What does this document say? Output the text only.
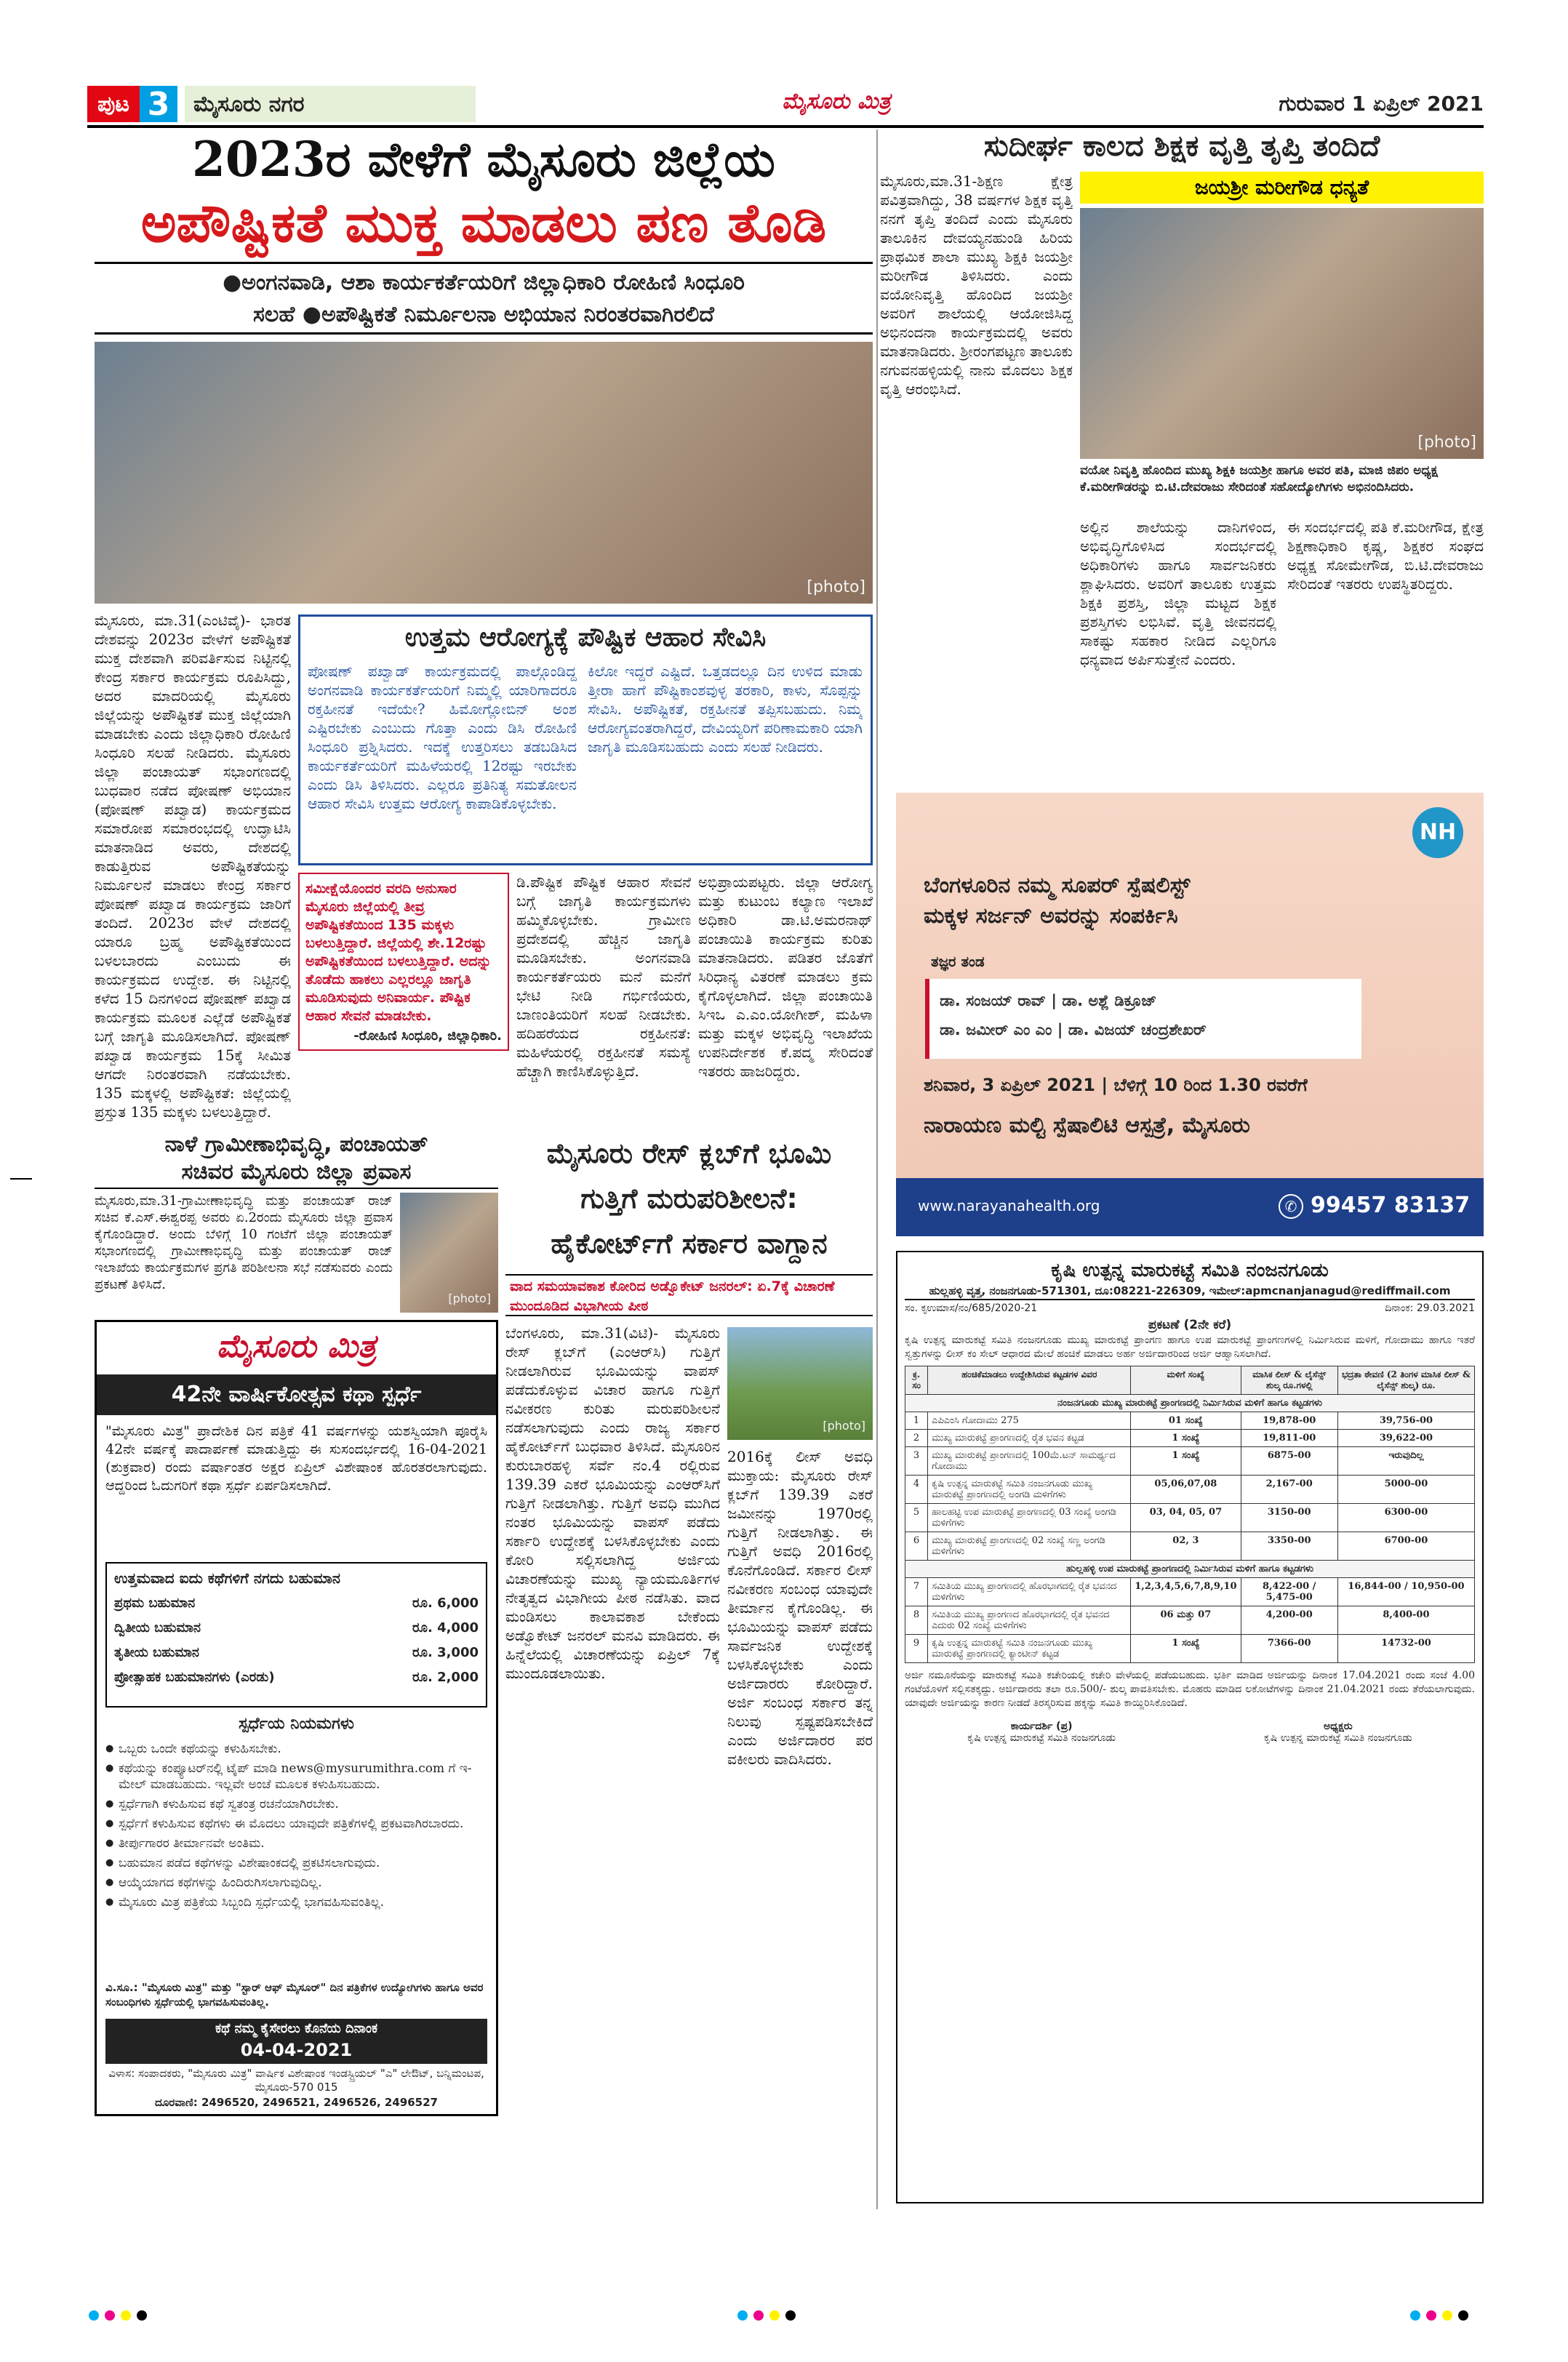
ಪುಟ 3	ಮೈಸೂರು ನಗರ	ಮೈಸೂರು ಮಿತ್ರ	ಗುರುವಾರ 1 ಏಪ್ರಿಲ್ 2021
2023ರ ವೇಳೆಗೆ ಮೈಸೂರು ಜಿಲ್ಲೆಯ
ಅಪೌಷ್ಟಿಕತೆ ಮುಕ್ತ ಮಾಡಲು ಪಣ ತೊಡಿ
●ಅಂಗನವಾಡಿ, ಆಶಾ ಕಾರ್ಯಕರ್ತೆಯರಿಗೆ ಜಿಲ್ಲಾಧಿಕಾರಿ ರೋಹಿಣಿ ಸಿಂಧೂರಿ
ಸಲಹೆ ●ಅಪೌಷ್ಟಿಕತೆ ನಿರ್ಮೂಲನಾ ಅಭಿಯಾನ ನಿರಂತರವಾಗಿರಲಿದೆ
[photo]
ಮೈಸೂರು, ಮಾ.31(ಎಂಟಿವೈ)- ಭಾರತ ದೇಶವನ್ನು 2023ರ ವೇಳೆಗೆ ಅಪೌಷ್ಟಿಕತೆ ಮುಕ್ತ ದೇಶವಾಗಿ ಪರಿವರ್ತಿಸುವ ನಿಟ್ಟಿನಲ್ಲಿ ಕೇಂದ್ರ ಸರ್ಕಾರ ಕಾರ್ಯಕ್ರಮ ರೂಪಿಸಿದ್ದು, ಅದರ ಮಾದರಿಯಲ್ಲಿ ಮೈಸೂರು ಜಿಲ್ಲೆಯನ್ನು ಅಪೌಷ್ಟಿಕತೆ ಮುಕ್ತ ಜಿಲ್ಲೆಯಾಗಿ ಮಾಡಬೇಕು ಎಂದು ಜಿಲ್ಲಾಧಿಕಾರಿ ರೋಹಿಣಿ ಸಿಂಧೂರಿ ಸಲಹೆ ನೀಡಿದರು. ಮೈಸೂರು ಜಿಲ್ಲಾ ಪಂಚಾಯತ್ ಸಭಾಂಗಣದಲ್ಲಿ ಬುಧವಾರ ನಡೆದ ಪೋಷಣ್ ಅಭಿಯಾನ (ಪೋಷಣ್ ಪಖ್ವಾಡ) ಕಾರ್ಯಕ್ರಮದ ಸಮಾರೋಪ ಸಮಾರಂಭದಲ್ಲಿ ಉದ್ಘಾಟಿಸಿ ಮಾತನಾಡಿದ ಅವರು, ದೇಶದಲ್ಲಿ ಕಾಡುತ್ತಿರುವ ಅಪೌಷ್ಟಿಕತೆಯನ್ನು ನಿರ್ಮೂಲನೆ ಮಾಡಲು ಕೇಂದ್ರ ಸರ್ಕಾರ ಪೋಷಣ್ ಪಖ್ವಾಡ ಕಾರ್ಯಕ್ರಮ ಜಾರಿಗೆ ತಂದಿದೆ. 2023ರ ವೇಳೆ ದೇಶದಲ್ಲಿ ಯಾರೂ ಬ್ರಹ್ಮ ಅಪೌಷ್ಟಿಕತೆಯಿಂದ ಬಳಲಬಾರದು ಎಂಬುದು ಈ ಕಾರ್ಯಕ್ರಮದ ಉದ್ದೇಶ. ಈ ನಿಟ್ಟಿನಲ್ಲಿ ಕಳೆದ 15 ದಿನಗಳಿಂದ ಪೋಷಣ್ ಪಖ್ವಾಡ ಕಾರ್ಯಕ್ರಮ ಮೂಲಕ ಎಲ್ಲೆಡೆ ಅಪೌಷ್ಟಿಕತೆ ಬಗ್ಗೆ ಜಾಗೃತಿ ಮೂಡಿಸಲಾಗಿದೆ. ಪೋಷಣ್ ಪಖ್ವಾಡ ಕಾರ್ಯಕ್ರಮ 15ಕ್ಕೆ ಸೀಮಿತ ಆಗದೇ ನಿರಂತರವಾಗಿ ನಡೆಯಬೇಕು. 135 ಮಕ್ಕಳಲ್ಲಿ ಅಪೌಷ್ಟಿಕತೆ: ಜಿಲ್ಲೆಯಲ್ಲಿ ಪ್ರಸ್ತುತ 135 ಮಕ್ಕಳು ಬಳಲುತ್ತಿದ್ದಾರೆ.
ಉತ್ತಮ ಆರೋಗ್ಯಕ್ಕೆ ಪೌಷ್ಟಿಕ ಆಹಾರ ಸೇವಿಸಿ
ಪೋಷಣ್ ಪಖ್ವಾಡ್ ಕಾರ್ಯಕ್ರಮದಲ್ಲಿ ಪಾಲ್ಗೊಂಡಿದ್ದ ಅಂಗನವಾಡಿ ಕಾರ್ಯಕರ್ತೆಯರಿಗೆ ನಿಮ್ಮಲ್ಲಿ ಯಾರಿಗಾದರೂ ರಕ್ತಹೀನತೆ ಇದೆಯೇ? ಹಿಮೋಗ್ಲೋಬಿನ್ ಅಂಶ ಎಷ್ಟಿರಬೇಕು ಎಂಬುದು ಗೊತ್ತಾ ಎಂದು ಡಿಸಿ ರೋಹಿಣಿ ಸಿಂಧೂರಿ ಪ್ರಶ್ನಿಸಿದರು. ಇದಕ್ಕೆ ಉತ್ತರಿಸಲು ತಡಬಡಿಸಿದ ಕಾರ್ಯಕರ್ತೆಯರಿಗೆ ಮಹಿಳೆಯರಲ್ಲಿ 12ರಷ್ಟು ಇರಬೇಕು ಎಂದು ಡಿಸಿ ತಿಳಿಸಿದರು. ಎಲ್ಲರೂ ಪ್ರತಿನಿತ್ಯ ಸಮತೋಲನ ಆಹಾರ ಸೇವಿಸಿ ಉತ್ತಮ ಆರೋಗ್ಯ ಕಾಪಾಡಿಕೊಳ್ಳಬೇಕು.
ಕಿಲೋ ಇದ್ದರೆ ಎಷ್ಟಿದೆ. ಒತ್ತಡದಲ್ಲೂ ದಿನ ಉಳಿದ ಮಾಡು ತ್ತೀರಾ ಹಾಗೆ ಪೌಷ್ಟಿಕಾಂಶವುಳ್ಳ ತರಕಾರಿ, ಕಾಳು, ಸೊಪ್ಪನ್ನು ಸೇವಿಸಿ. ಅಪೌಷ್ಟಿಕತೆ, ರಕ್ತಹೀನತೆ ತಪ್ಪಿಸಬಹುದು. ನಿಮ್ಮ ಆರೋಗ್ಯವಂತರಾಗಿದ್ದರೆ, ದೇವಿಯ್ಯರಿಗೆ ಪರಿಣಾಮಕಾರಿ ಯಾಗಿ ಜಾಗೃತಿ ಮೂಡಿಸಬಹುದು ಎಂದು ಸಲಹೆ ನೀಡಿದರು.
ಸಮೀಕ್ಷೆಯೊಂದರ ವರದಿ ಅನುಸಾರ ಮೈಸೂರು ಜಿಲ್ಲೆಯಲ್ಲಿ ತೀವ್ರ ಅಪೌಷ್ಟಿಕತೆಯಿಂದ 135 ಮಕ್ಕಳು ಬಳಲುತ್ತಿದ್ದಾರೆ. ಜಿಲ್ಲೆಯಲ್ಲಿ ಶೇ.12ರಷ್ಟು ಅಪೌಷ್ಟಿಕತೆಯಿಂದ ಬಳಲುತ್ತಿದ್ದಾರೆ. ಅದನ್ನು ತೊಡೆದು ಹಾಕಲು ಎಲ್ಲರಲ್ಲೂ ಜಾಗೃತಿ ಮೂಡಿಸುವುದು ಅನಿವಾರ್ಯ. ಪೌಷ್ಟಿಕ ಆಹಾರ ಸೇವನೆ ಮಾಡಬೇಕು.
-ರೋಹಿಣಿ ಸಿಂಧೂರಿ, ಜಿಲ್ಲಾಧಿಕಾರಿ.
ಡಿ.ಪೌಷ್ಟಿಕ ಪೌಷ್ಟಿಕ ಆಹಾರ ಸೇವನೆ ಬಗ್ಗೆ ಜಾಗೃತಿ ಕಾರ್ಯಕ್ರಮಗಳು ಹಮ್ಮಿಕೊಳ್ಳಬೇಕು. ಗ್ರಾಮೀಣ ಪ್ರದೇಶದಲ್ಲಿ ಹೆಚ್ಚಿನ ಜಾಗೃತಿ ಮೂಡಿಸಬೇಕು. ಅಂಗನವಾಡಿ ಕಾರ್ಯಕರ್ತೆಯರು ಮನೆ ಮನೆಗೆ ಭೇಟಿ ನೀಡಿ ಗರ್ಭಿಣಿಯರು, ಬಾಣಂತಿಯರಿಗೆ ಸಲಹೆ ನೀಡಬೇಕು. ಹದಿಹರೆಯದ ರಕ್ತಹೀನತೆ: ಮಹಿಳೆಯರಲ್ಲಿ ರಕ್ತಹೀನತೆ ಸಮಸ್ಯೆ ಹೆಚ್ಚಾಗಿ ಕಾಣಿಸಿಕೊಳ್ಳುತ್ತಿದೆ.
ಅಭಿಪ್ರಾಯಪಟ್ಟರು. ಜಿಲ್ಲಾ ಆರೋಗ್ಯ ಮತ್ತು ಕುಟುಂಬ ಕಲ್ಯಾಣ ಇಲಾಖೆ ಅಧಿಕಾರಿ ಡಾ.ಟಿ.ಅಮರನಾಥ್ ಪಂಚಾಯಿತಿ ಕಾರ್ಯಕ್ರಮ ಕುರಿತು ಮಾತನಾಡಿದರು. ಪಡಿತರ ಜೊತೆಗೆ ಸಿರಿಧಾನ್ಯ ವಿತರಣೆ ಮಾಡಲು ಕ್ರಮ ಕೈಗೊಳ್ಳಲಾಗಿದೆ. ಜಿಲ್ಲಾ ಪಂಚಾಯಿತಿ ಸಿಇಒ ಎ.ಎಂ.ಯೋಗೀಶ್, ಮಹಿಳಾ ಮತ್ತು ಮಕ್ಕಳ ಅಭಿವೃದ್ಧಿ ಇಲಾಖೆಯ ಉಪನಿರ್ದೇಶಕ ಕೆ.ಪದ್ಮ ಸೇರಿದಂತೆ ಇತರರು ಹಾಜರಿದ್ದರು.
ನಾಳೆ ಗ್ರಾಮೀಣಾಭಿವೃದ್ಧಿ, ಪಂಚಾಯತ್
ಸಚಿವರ ಮೈಸೂರು ಜಿಲ್ಲಾ ಪ್ರವಾಸ
ಮೈಸೂರು,ಮಾ.31-ಗ್ರಾಮೀಣಾಭಿವೃದ್ಧಿ ಮತ್ತು ಪಂಚಾಯತ್ ರಾಜ್ ಸಚಿವ ಕೆ.ಎಸ್.ಈಶ್ವರಪ್ಪ ಅವರು ಏ.2ರಂದು ಮೈಸೂರು ಜಿಲ್ಲಾ ಪ್ರವಾಸ ಕೈಗೊಂಡಿದ್ದಾರೆ. ಅಂದು ಬೆಳಿಗ್ಗೆ 10 ಗಂಟೆಗೆ ಜಿಲ್ಲಾ ಪಂಚಾಯತ್ ಸಭಾಂಗಣದಲ್ಲಿ ಗ್ರಾಮೀಣಾಭಿವೃದ್ಧಿ ಮತ್ತು ಪಂಚಾಯತ್ ರಾಜ್ ಇಲಾಖೆಯ ಕಾರ್ಯಕ್ರಮಗಳ ಪ್ರಗತಿ ಪರಿಶೀಲನಾ ಸಭೆ ನಡೆಸುವರು ಎಂದು ಪ್ರಕಟಣೆ ತಿಳಿಸಿದೆ.
[photo]
ಮೈಸೂರು ಮಿತ್ರ
42ನೇ ವಾರ್ಷಿಕೋತ್ಸವ ಕಥಾ ಸ್ಪರ್ಧೆ
"ಮೈಸೂರು ಮಿತ್ರ" ಪ್ರಾದೇಶಿಕ ದಿನ ಪತ್ರಿಕೆ 41 ವರ್ಷಗಳನ್ನು ಯಶಸ್ವಿಯಾಗಿ ಪೂರೈಸಿ 42ನೇ ವರ್ಷಕ್ಕೆ ಪಾದಾರ್ಪಣೆ ಮಾಡುತ್ತಿದ್ದು ಈ ಸುಸಂದರ್ಭದಲ್ಲಿ 16-04-2021 (ಶುಕ್ರವಾರ) ರಂದು ವರ್ಷಾಂತರ ಅಕ್ಷರ ಏಪ್ರಿಲ್ ವಿಶೇಷಾಂಕ ಹೊರತರಲಾಗುವುದು. ಆದ್ದರಿಂದ ಓದುಗರಿಗೆ ಕಥಾ ಸ್ಪರ್ಧೆ ಏರ್ಪಡಿಸಲಾಗಿದೆ.
ಉತ್ತಮವಾದ ಐದು ಕಥೆಗಳಿಗೆ ನಗದು ಬಹುಮಾನ
ಪ್ರಥಮ ಬಹುಮಾನ	ರೂ. 6,000
ದ್ವಿತೀಯ ಬಹುಮಾನ	ರೂ. 4,000
ತೃತೀಯ ಬಹುಮಾನ	ರೂ. 3,000
ಪ್ರೋತ್ಸಾಹಕ ಬಹುಮಾನಗಳು (ಎರಡು)	ರೂ. 2,000
ಸ್ಪರ್ಧೆಯ ನಿಯಮಗಳು
● ಒಬ್ಬರು ಒಂದೇ ಕಥೆಯನ್ನು ಕಳುಹಿಸಬೇಕು.
● ಕಥೆಯನ್ನು ಕಂಪ್ಯೂಟರ್‌ನಲ್ಲಿ ಟೈಪ್ ಮಾಡಿ news@mysurumithra.com ಗೆ ಇ-ಮೇಲ್ ಮಾಡಬಹುದು. ಇಲ್ಲವೇ ಅಂಚೆ ಮೂಲಕ ಕಳುಹಿಸಬಹುದು.
● ಸ್ಪರ್ಧೆಗಾಗಿ ಕಳುಹಿಸುವ ಕಥೆ ಸ್ವತಂತ್ರ ರಚನೆಯಾಗಿರಬೇಕು.
● ಸ್ಪರ್ಧೆಗೆ ಕಳುಹಿಸುವ ಕಥೆಗಳು ಈ ಮೊದಲು ಯಾವುದೇ ಪತ್ರಿಕೆಗಳಲ್ಲಿ ಪ್ರಕಟವಾಗಿರಬಾರದು.
● ತೀರ್ಪುಗಾರರ ತೀರ್ಮಾನವೇ ಅಂತಿಮ.
● ಬಹುಮಾನ ಪಡೆದ ಕಥೆಗಳನ್ನು ವಿಶೇಷಾಂಕದಲ್ಲಿ ಪ್ರಕಟಿಸಲಾಗುವುದು.
● ಆಯ್ಕೆಯಾಗದ ಕಥೆಗಳನ್ನು ಹಿಂದಿರುಗಿಸಲಾಗುವುದಿಲ್ಲ.
● ಮೈಸೂರು ಮಿತ್ರ ಪತ್ರಿಕೆಯ ಸಿಬ್ಬಂದಿ ಸ್ಪರ್ಧೆಯಲ್ಲಿ ಭಾಗವಹಿಸುವಂತಿಲ್ಲ.
ವಿ.ಸೂ.: "ಮೈಸೂರು ಮಿತ್ರ" ಮತ್ತು "ಸ್ಟಾರ್ ಆಫ್ ಮೈಸೂರ್" ದಿನ ಪತ್ರಿಕೆಗಳ ಉದ್ಯೋಗಿಗಳು ಹಾಗೂ ಅವರ ಸಂಬಂಧಿಗಳು ಸ್ಪರ್ಧೆಯಲ್ಲಿ ಭಾಗವಹಿಸುವಂತಿಲ್ಲ.
ಕಥೆ ನಮ್ಮ ಕೈಸೇರಲು ಕೊನೆಯ ದಿನಾಂಕ
04-04-2021
ವಿಳಾಸ: ಸಂಪಾದಕರು, "ಮೈಸೂರು ಮಿತ್ರ" ವಾರ್ಷಿಕ ವಿಶೇಷಾಂಕ ಇಂಡಸ್ಟ್ರಿಯಲ್ "ಎ" ಲೇಔಟ್, ಬನ್ನಿಮಂಟಪ, ಮೈಸೂರು-570 015
ದೂರವಾಣಿ: 2496520, 2496521, 2496526, 2496527
ಮೈಸೂರು ರೇಸ್ ಕ್ಲಬ್‌ಗೆ ಭೂಮಿ
ಗುತ್ತಿಗೆ ಮರುಪರಿಶೀಲನೆ:
ಹೈಕೋರ್ಟ್‌ಗೆ ಸರ್ಕಾರ ವಾಗ್ದಾನ
ವಾದ ಸಮಯಾವಕಾಶ ಕೋರಿದ ಅಡ್ವೊಕೇಟ್ ಜನರಲ್: ಏ.7ಕ್ಕೆ ವಿಚಾರಣೆ ಮುಂದೂಡಿದ ವಿಭಾಗೀಯ ಪೀಠ
[photo]
ಬೆಂಗಳೂರು, ಮಾ.31(ವಿಟಿ)- ಮೈಸೂರು ರೇಸ್ ಕ್ಲಬ್‌ಗೆ (ಎಂಆರ್‌ಸಿ) ಗುತ್ತಿಗೆ ನೀಡಲಾಗಿರುವ ಭೂಮಿಯನ್ನು ವಾಪಸ್ ಪಡೆದುಕೊಳ್ಳುವ ವಿಚಾರ ಹಾಗೂ ಗುತ್ತಿಗೆ ನವೀಕರಣ ಕುರಿತು ಮರುಪರಿಶೀಲನೆ ನಡೆಸಲಾಗುವುದು ಎಂದು ರಾಜ್ಯ ಸರ್ಕಾರ ಹೈಕೋರ್ಟ್‌ಗೆ ಬುಧವಾರ ತಿಳಿಸಿದೆ. ಮೈಸೂರಿನ ಕುರುಬಾರಹಳ್ಳಿ ಸರ್ವೆ ನಂ.4 ರಲ್ಲಿರುವ 139.39 ಎಕರೆ ಭೂಮಿಯನ್ನು ಎಂಆರ್‌ಸಿಗೆ ಗುತ್ತಿಗೆ ನೀಡಲಾಗಿತ್ತು. ಗುತ್ತಿಗೆ ಅವಧಿ ಮುಗಿದ ನಂತರ ಭೂಮಿಯನ್ನು ವಾಪಸ್ ಪಡೆದು ಸರ್ಕಾರಿ ಉದ್ದೇಶಕ್ಕೆ ಬಳಸಿಕೊಳ್ಳಬೇಕು ಎಂದು ಕೋರಿ ಸಲ್ಲಿಸಲಾಗಿದ್ದ ಅರ್ಜಿಯ ವಿಚಾರಣೆಯನ್ನು ಮುಖ್ಯ ನ್ಯಾಯಮೂರ್ತಿಗಳ ನೇತೃತ್ವದ ವಿಭಾಗೀಯ ಪೀಠ ನಡೆಸಿತು. ವಾದ ಮಂಡಿಸಲು ಕಾಲಾವಕಾಶ ಬೇಕೆಂದು ಅಡ್ವೊಕೇಟ್ ಜನರಲ್ ಮನವಿ ಮಾಡಿದರು. ಈ ಹಿನ್ನೆಲೆಯಲ್ಲಿ ವಿಚಾರಣೆಯನ್ನು ಏಪ್ರಿಲ್ 7ಕ್ಕೆ ಮುಂದೂಡಲಾಯಿತು.
2016ಕ್ಕೆ ಲೀಸ್ ಅವಧಿ ಮುಕ್ತಾಯ: ಮೈಸೂರು ರೇಸ್ ಕ್ಲಬ್‌ಗೆ 139.39 ಎಕರೆ ಜಮೀನನ್ನು 1970ರಲ್ಲಿ ಗುತ್ತಿಗೆ ನೀಡಲಾಗಿತ್ತು. ಈ ಗುತ್ತಿಗೆ ಅವಧಿ 2016ರಲ್ಲಿ ಕೊನೆಗೊಂಡಿದೆ. ಸರ್ಕಾರ ಲೀಸ್ ನವೀಕರಣ ಸಂಬಂಧ ಯಾವುದೇ ತೀರ್ಮಾನ ಕೈಗೊಂಡಿಲ್ಲ. ಈ ಭೂಮಿಯನ್ನು ವಾಪಸ್ ಪಡೆದು ಸಾರ್ವಜನಿಕ ಉದ್ದೇಶಕ್ಕೆ ಬಳಸಿಕೊಳ್ಳಬೇಕು ಎಂದು ಅರ್ಜಿದಾರರು ಕೋರಿದ್ದಾರೆ. ಅರ್ಜಿ ಸಂಬಂಧ ಸರ್ಕಾರ ತನ್ನ ನಿಲುವು ಸ್ಪಷ್ಟಪಡಿಸಬೇಕಿದೆ ಎಂದು ಅರ್ಜಿದಾರರ ಪರ ವಕೀಲರು ವಾದಿಸಿದರು.
ಸುದೀರ್ಘ ಕಾಲದ ಶಿಕ್ಷಕ ವೃತ್ತಿ ತೃಪ್ತಿ ತಂದಿದೆ
ಜಯಶ್ರೀ ಮರೀಗೌಡ ಧನ್ಯತೆ
ಮೈಸೂರು,ಮಾ.31-ಶಿಕ್ಷಣ ಕ್ಷೇತ್ರ ಪವಿತ್ರವಾಗಿದ್ದು, 38 ವರ್ಷಗಳ ಶಿಕ್ಷಕ ವೃತ್ತಿ ನನಗೆ ತೃಪ್ತಿ ತಂದಿದೆ ಎಂದು ಮೈಸೂರು ತಾಲೂಕಿನ ದೇವಯ್ಯನಹುಂಡಿ ಹಿರಿಯ ಪ್ರಾಥಮಿಕ ಶಾಲಾ ಮುಖ್ಯ ಶಿಕ್ಷಕಿ ಜಯಶ್ರೀ ಮರೀಗೌಡ ತಿಳಿಸಿದರು. ಎಂದು ವಯೋನಿವೃತ್ತಿ ಹೊಂದಿದ ಜಯಶ್ರೀ ಅವರಿಗೆ ಶಾಲೆಯಲ್ಲಿ ಆಯೋಜಿಸಿದ್ದ ಅಭಿನಂದನಾ ಕಾರ್ಯಕ್ರಮದಲ್ಲಿ ಅವರು ಮಾತನಾಡಿದರು. ಶ್ರೀರಂಗಪಟ್ಟಣ ತಾಲೂಕು ನಗುವನಹಳ್ಳಿಯಲ್ಲಿ ನಾನು ಮೊದಲು ಶಿಕ್ಷಕ ವೃತ್ತಿ ಆರಂಭಿಸಿದೆ.
[photo]
ವಯೋ ನಿವೃತ್ತಿ ಹೊಂದಿದ ಮುಖ್ಯ ಶಿಕ್ಷಕಿ ಜಯಶ್ರೀ ಹಾಗೂ ಅವರ ಪತಿ, ಮಾಜಿ ಜಿಪಂ ಅಧ್ಯಕ್ಷ ಕೆ.ಮರೀಗೌಡರನ್ನು ಬಿ.ಟಿ.ದೇವರಾಜು ಸೇರಿದಂತೆ ಸಹೋದ್ಯೋಗಿಗಳು ಅಭಿನಂದಿಸಿದರು.
ಅಲ್ಲಿನ ಶಾಲೆಯನ್ನು ದಾನಿಗಳಿಂದ, ಅಭಿವೃದ್ಧಿಗೊಳಿಸಿದ ಸಂದರ್ಭದಲ್ಲಿ ಅಧಿಕಾರಿಗಳು ಹಾಗೂ ಸಾರ್ವಜನಿಕರು ಶ್ಲಾಘಿಸಿದರು. ಅವರಿಗೆ ತಾಲೂಕು ಉತ್ತಮ ಶಿಕ್ಷಕಿ ಪ್ರಶಸ್ತಿ, ಜಿಲ್ಲಾ ಮಟ್ಟದ ಶಿಕ್ಷಕ ಪ್ರಶಸ್ತಿಗಳು ಲಭಿಸಿವೆ. ವೃತ್ತಿ ಜೀವನದಲ್ಲಿ ಸಾಕಷ್ಟು ಸಹಕಾರ ನೀಡಿದ ಎಲ್ಲರಿಗೂ ಧನ್ಯವಾದ ಅರ್ಪಿಸುತ್ತೇನೆ ಎಂದರು.
ಈ ಸಂದರ್ಭದಲ್ಲಿ ಪತಿ ಕೆ.ಮರೀಗೌಡ, ಕ್ಷೇತ್ರ ಶಿಕ್ಷಣಾಧಿಕಾರಿ ಕೃಷ್ಣ, ಶಿಕ್ಷಕರ ಸಂಘದ ಅಧ್ಯಕ್ಷ ಸೋಮೇಗೌಡ, ಬಿ.ಟಿ.ದೇವರಾಜು ಸೇರಿದಂತೆ ಇತರರು ಉಪಸ್ಥಿತರಿದ್ದರು.
NH
ಬೆಂಗಳೂರಿನ ನಮ್ಮ ಸೂಪರ್ ಸ್ಪೆಷಲಿಸ್ಟ್
ಮಕ್ಕಳ ಸರ್ಜನ್ ಅವರನ್ನು ಸಂಪರ್ಕಿಸಿ
ತಜ್ಞರ ತಂಡ
ಡಾ. ಸಂಜಯ್ ರಾವ್ | ಡಾ. ಅಶ್ಲೆ ಡಿಕ್ರೂಜ್
ಡಾ. ಜಮೀರ್ ಎಂ ಎಂ | ಡಾ. ವಿಜಯ್ ಚಂದ್ರಶೇಖರ್
ಶನಿವಾರ, 3 ಏಪ್ರಿಲ್ 2021 | ಬೆಳಿಗ್ಗೆ 10 ರಿಂದ 1.30 ರವರೆಗೆ
ನಾರಾಯಣ ಮಲ್ಟಿ ಸ್ಪೆಷಾಲಿಟಿ ಆಸ್ಪತ್ರೆ, ಮೈಸೂರು
www.narayanahealth.org	✆ 99457 83137
ಕೃಷಿ ಉತ್ಪನ್ನ ಮಾರುಕಟ್ಟೆ ಸಮಿತಿ ನಂಜನಗೂಡು
ಹುಲ್ಲಹಳ್ಳಿ ವೃತ್ತ, ನಂಜನಗೂಡು-571301, ದೂ:08221-226309, ಇಮೇಲ್:apmcnanjanagud@rediffmail.com
ಸಂ. ಕೃಉಮಾಸ/ನಂ/685/2020-21	ದಿನಾಂಕ: 29.03.2021
ಪ್ರಕಟಣೆ (2ನೇ ಕರೆ)
ಕೃಷಿ ಉತ್ಪನ್ನ ಮಾರುಕಟ್ಟೆ ಸಮಿತಿ ನಂಜನಗೂಡು ಮುಖ್ಯ ಮಾರುಕಟ್ಟೆ ಪ್ರಾಂಗಣ ಹಾಗೂ ಉಪ ಮಾರುಕಟ್ಟೆ ಪ್ರಾಂಗಣಗಳಲ್ಲಿ ನಿರ್ಮಿಸಿರುವ ಮಳಿಗೆ, ಗೋದಾಮು ಹಾಗೂ ಇತರೆ ಸ್ವತ್ತುಗಳನ್ನು ಲೀಸ್ ಕಂ ಸೇಲ್ ಆಧಾರದ ಮೇಲೆ ಹಂಚಿಕೆ ಮಾಡಲು ಅರ್ಹ ಅರ್ಜಿದಾರರಿಂದ ಅರ್ಜಿ ಆಹ್ವಾನಿಸಲಾಗಿದೆ.
ಕ್ರ. ಸಂ	ಹಂಚಿಕೆಮಾಡಲು ಉದ್ದೇಶಿಸಿರುವ ಕಟ್ಟಡಗಳ ವಿವರ	ಮಳಿಗೆ ಸಂಖ್ಯೆ	ಮಾಸಿಕ ಲೀಸ್ & ಲೈಸೆನ್ಸ್ ಶುಲ್ಕ ರೂ.ಗಳಲ್ಲಿ	ಭದ್ರತಾ ಠೇವಣಿ (2 ತಿಂಗಳ ಮಾಸಿಕ ಲೀಸ್ & ಲೈಸೆನ್ಸ್ ಶುಲ್ಕ) ರೂ.
ನಂಜನಗೂಡು ಮುಖ್ಯ ಮಾರುಕಟ್ಟೆ ಪ್ರಾಂಗಣದಲ್ಲಿ ನಿರ್ಮಿಸಿರುವ ಮಳಿಗೆ ಹಾಗೂ ಕಟ್ಟಡಗಳು				
1	ಎಪಿಎಂಸಿ ಗೋದಾಮು 275	01 ಸಂಖ್ಯೆ	19,878-00	39,756-00
2	ಮುಖ್ಯ ಮಾರುಕಟ್ಟೆ ಪ್ರಾಂಗಣದಲ್ಲಿ ರೈತ ಭವನ ಕಟ್ಟಡ	1 ಸಂಖ್ಯೆ	19,811-00	39,622-00
3	ಮುಖ್ಯ ಮಾರುಕಟ್ಟೆ ಪ್ರಾಂಗಣದಲ್ಲಿ 100ಮೆ.ಟನ್ ಸಾಮರ್ಥ್ಯದ ಗೋದಾಮು	1 ಸಂಖ್ಯೆ	6875-00	ಇರುವುದಿಲ್ಲ
4	ಕೃಷಿ ಉತ್ಪನ್ನ ಮಾರುಕಟ್ಟೆ ಸಮಿತಿ ನಂಜನಗೂಡು ಮುಖ್ಯ ಮಾರುಕಟ್ಟೆ ಪ್ರಾಂಗಣದಲ್ಲಿ ಅಂಗಡಿ ಮಳಿಗೆಗಳು	05,06,07,08	2,167-00	5000-00
5	ಹಾಲಹಟ್ಟಿ ಉಪ ಮಾರುಕಟ್ಟೆ ಪ್ರಾಂಗಣದಲ್ಲಿ 03 ಸಂಖ್ಯೆ ಅಂಗಡಿ ಮಳಿಗೆಗಳು	03, 04, 05, 07	3150-00	6300-00
6	ಮುಖ್ಯ ಮಾರುಕಟ್ಟೆ ಪ್ರಾಂಗಣದಲ್ಲಿ 02 ಸಂಖ್ಯೆ ಸಣ್ಣ ಅಂಗಡಿ ಮಳಿಗೆಗಳು	02, 3	3350-00	6700-00
ಹುಲ್ಲಹಳ್ಳಿ ಉಪ ಮಾರುಕಟ್ಟೆ ಪ್ರಾಂಗಣದಲ್ಲಿ ನಿರ್ಮಿಸಿರುವ ಮಳಿಗೆ ಹಾಗೂ ಕಟ್ಟಡಗಳು				
7	ಸಮಿತಿಯ ಮುಖ್ಯ ಪ್ರಾಂಗಣದಲ್ಲಿ ಹೊರಭಾಗದಲ್ಲಿ ರೈತ ಭವನದ ಮಳಿಗೆಗಳು	1,2,3,4,5,6,7,8,9,10	8,422-00 / 5,475-00	16,844-00 / 10,950-00
8	ಸಮಿತಿಯ ಮುಖ್ಯ ಪ್ರಾಂಗಣದ ಹೊರಭಾಗದಲ್ಲಿ ರೈತ ಭವನದ ಎದುರು 02 ಸಂಖ್ಯೆ ಮಳಿಗೆಗಳು	06 ಮತ್ತು 07	4,200-00	8,400-00
9	ಕೃಷಿ ಉತ್ಪನ್ನ ಮಾರುಕಟ್ಟೆ ಸಮಿತಿ ನಂಜನಗೂಡು ಮುಖ್ಯ ಮಾರುಕಟ್ಟೆ ಪ್ರಾಂಗಣದಲ್ಲಿ ಕ್ಯಾಂಟೀನ್ ಕಟ್ಟಡ	1 ಸಂಖ್ಯೆ	7366-00	14732-00
ಅರ್ಜಿ ನಮೂನೆಯನ್ನು ಮಾರುಕಟ್ಟೆ ಸಮಿತಿ ಕಚೇರಿಯಲ್ಲಿ ಕಚೇರಿ ವೇಳೆಯಲ್ಲಿ ಪಡೆಯಬಹುದು. ಭರ್ತಿ ಮಾಡಿದ ಅರ್ಜಿಯನ್ನು ದಿನಾಂಕ 17.04.2021 ರಂದು ಸಂಜೆ 4.00 ಗಂಟೆಯೊಳಗೆ ಸಲ್ಲಿಸತಕ್ಕದ್ದು. ಅರ್ಜಿದಾರರು ತಲಾ ರೂ.500/- ಶುಲ್ಕ ಪಾವತಿಸಬೇಕು. ಮೊಹರು ಮಾಡಿದ ಲಕೋಟೆಗಳನ್ನು ದಿನಾಂಕ 21.04.2021 ರಂದು ತೆರೆಯಲಾಗುವುದು. ಯಾವುದೇ ಅರ್ಜಿಯನ್ನು ಕಾರಣ ನೀಡದೆ ತಿರಸ್ಕರಿಸುವ ಹಕ್ಕನ್ನು ಸಮಿತಿ ಕಾಯ್ದಿರಿಸಿಕೊಂಡಿದೆ.
ಕಾರ್ಯದರ್ಶಿ (ಪ್ರ)
ಕೃಷಿ ಉತ್ಪನ್ನ ಮಾರುಕಟ್ಟೆ ಸಮಿತಿ ನಂಜನಗೂಡು
ಅಧ್ಯಕ್ಷರು
ಕೃಷಿ ಉತ್ಪನ್ನ ಮಾರುಕಟ್ಟೆ ಸಮಿತಿ ನಂಜನಗೂಡು
